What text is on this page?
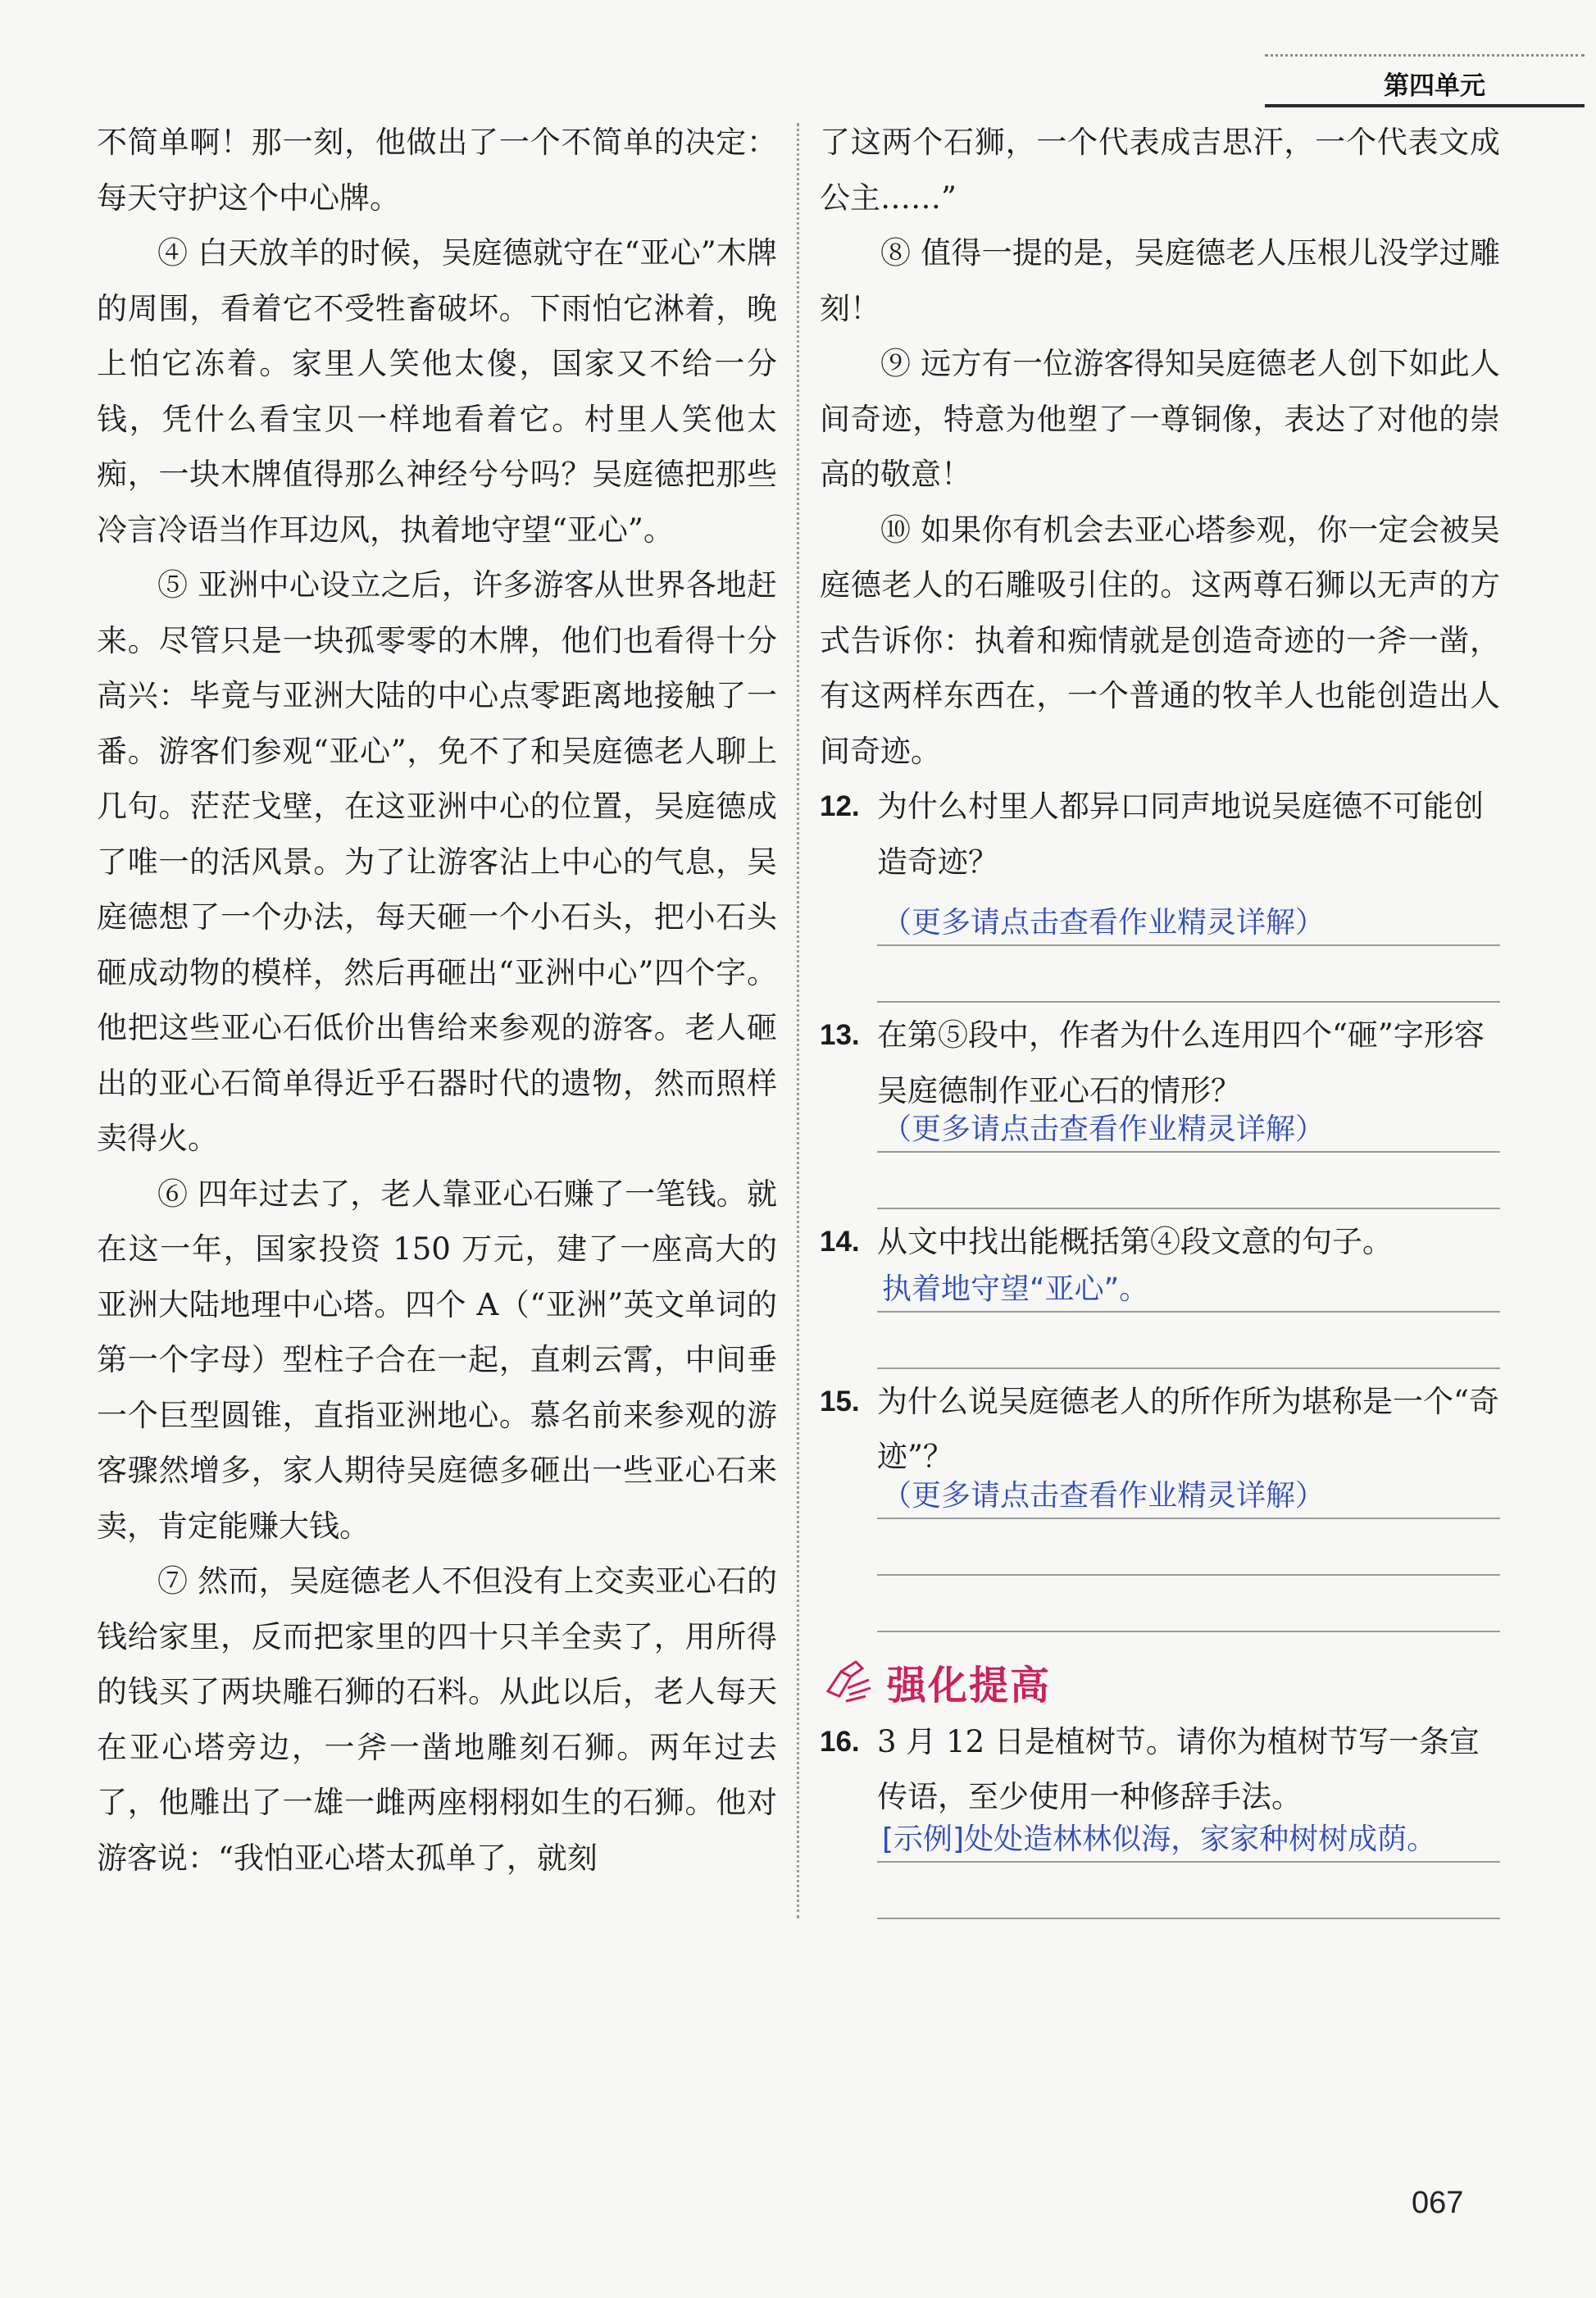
第四单元

不简单啊！那一刻，他做出了一个不简单的决定：每天守护这个中心牌。

④ 白天放羊的时候，吴庭德就守在“亚心”木牌的周围，看着它不受牲畜破坏。下雨怕它淋着，晚上怕它冻着。家里人笑他太傻，国家又不给一分钱，凭什么看宝贝一样地看着它。村里人笑他太痴，一块木牌值得那么神经兮兮吗？吴庭德把那些冷言冷语当作耳边风，执着地守望“亚心”。

⑤ 亚洲中心设立之后，许多游客从世界各地赶来。尽管只是一块孤零零的木牌，他们也看得十分高兴：毕竟与亚洲大陆的中心点零距离地接触了一番。游客们参观“亚心”，免不了和吴庭德老人聊上几句。茫茫戈壁，在这亚洲中心的位置，吴庭德成了唯一的活风景。为了让游客沾上中心的气息，吴庭德想了一个办法，每天砸一个小石头，把小石头砸成动物的模样，然后再砸出“亚洲中心”四个字。他把这些亚心石低价出售给来参观的游客。老人砸出的亚心石简单得近乎石器时代的遗物，然而照样卖得火。

⑥ 四年过去了，老人靠亚心石赚了一笔钱。就在这一年，国家投资 150 万元，建了一座高大的亚洲大陆地理中心塔。四个 A（“亚洲”英文单词的第一个字母）型柱子合在一起，直刺云霄，中间垂一个巨型圆锥，直指亚洲地心。慕名前来参观的游客骤然增多，家人期待吴庭德多砸出一些亚心石来卖，肯定能赚大钱。

⑦ 然而，吴庭德老人不但没有上交卖亚心石的钱给家里，反而把家里的四十只羊全卖了，用所得的钱买了两块雕石狮的石料。从此以后，老人每天在亚心塔旁边，一斧一凿地雕刻石狮。两年过去了，他雕出了一雄一雌两座栩栩如生的石狮。他对游客说：“我怕亚心塔太孤单了，就刻

了这两个石狮，一个代表成吉思汗，一个代表文成公主……”

⑧ 值得一提的是，吴庭德老人压根儿没学过雕刻！

⑨ 远方有一位游客得知吴庭德老人创下如此人间奇迹，特意为他塑了一尊铜像，表达了对他的崇高的敬意！

⑩ 如果你有机会去亚心塔参观，你一定会被吴庭德老人的石雕吸引住的。这两尊石狮以无声的方式告诉你：执着和痴情就是创造奇迹的一斧一凿，有这两样东西在，一个普通的牧羊人也能创造出人间奇迹。

12. 为什么村里人都异口同声地说吴庭德不可能创造奇迹？
（更多请点击查看作业精灵详解）
13. 在第⑤段中，作者为什么连用四个“砸”字形容吴庭德制作亚心石的情形？
（更多请点击查看作业精灵详解）
14. 从文中找出能概括第④段文意的句子。
执着地守望“亚心”。
15. 为什么说吴庭德老人的所作所为堪称是一个“奇迹”？
（更多请点击查看作业精灵详解）
强化提高
16. 3 月 12 日是植树节。请你为植树节写一条宣传语，至少使用一种修辞手法。
[示例]处处造林林似海，家家种树树成荫。
067
